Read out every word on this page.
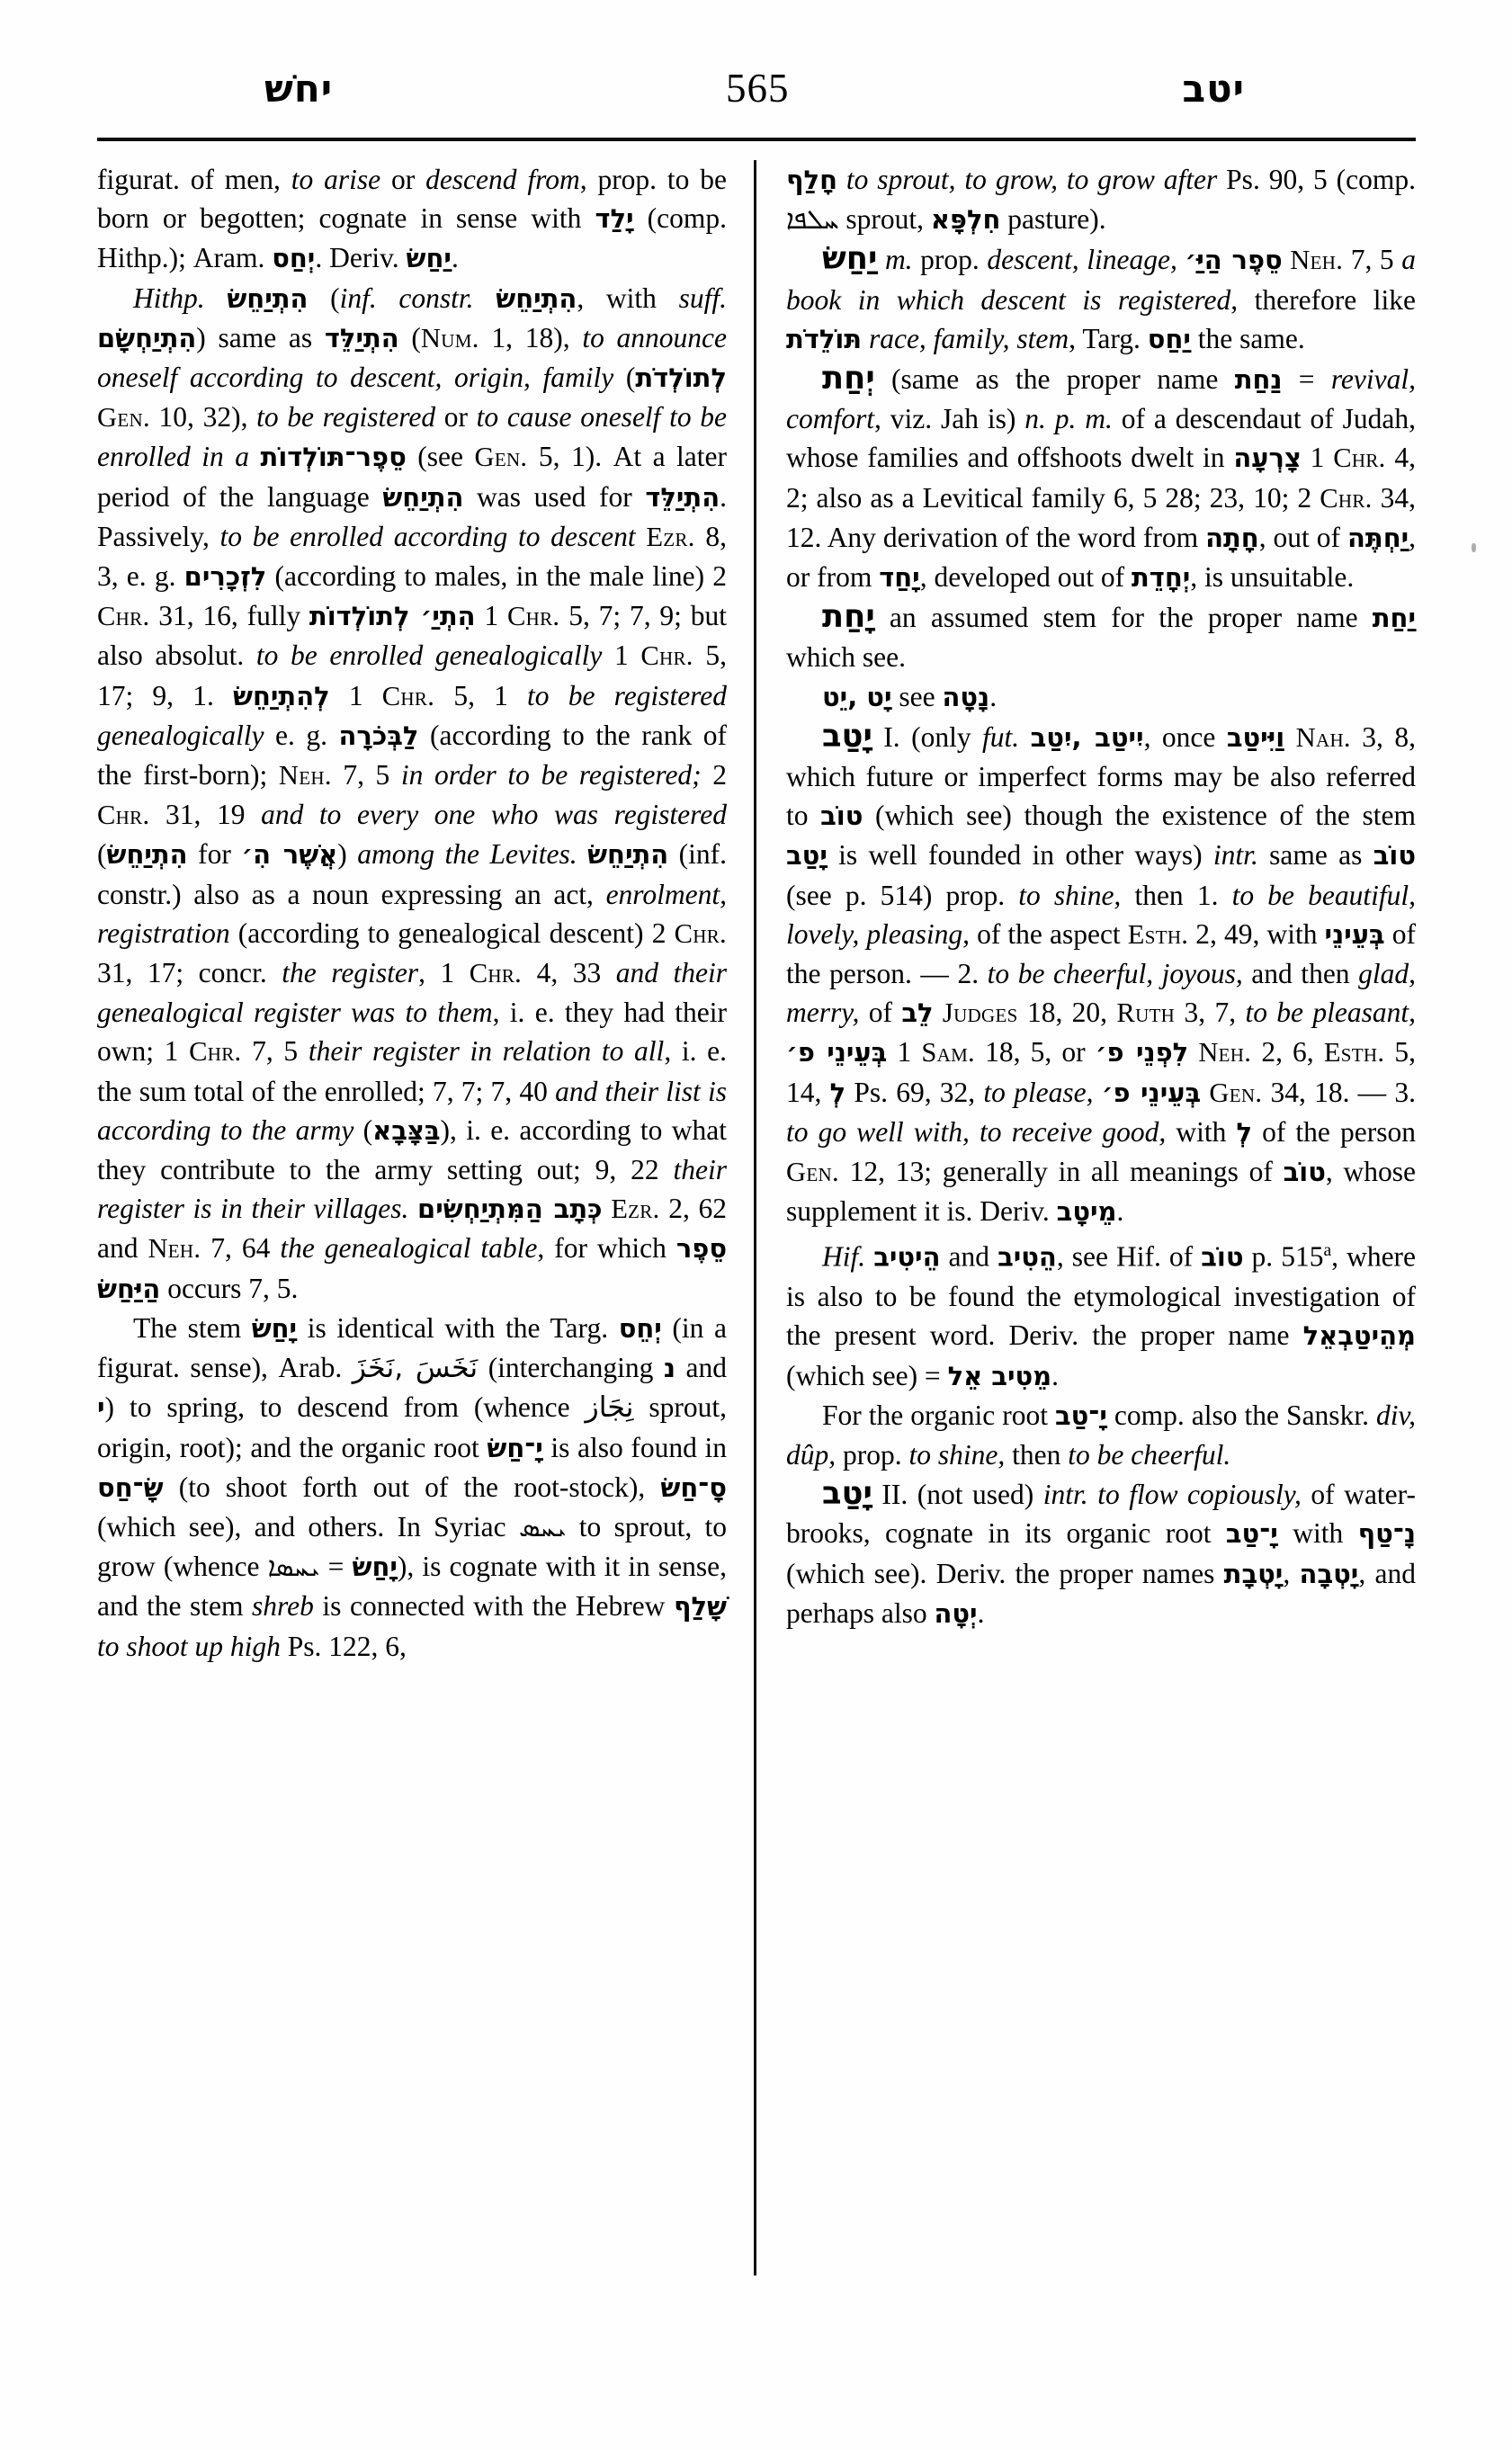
יחשׁ	565	יטב

figurat. of men, to arise or descend from, prop. to be born or begotten; cognate in sense with יָלַד (comp. Hithp.); Aram. יְחַס. Deriv. יַחַשׂ.

Hithp. הִתְיַחֵשׂ (inf. constr. הִתְיַחֵשׂ, with suff. הִתְיַחְשָׂם) same as הִתְיַלֵּד (Num. 1, 18), to announce oneself according to descent, origin, family (לְתוֹלְדֹת Gen. 10, 32), to be registered or to cause oneself to be enrolled in a סֵפֶר־תּוֹלְדוֹת (see Gen. 5, 1). At a later period of the language הִתְיַחֵשׂ was used for הִתְיַלֵּד. Passively, to be enrolled according to descent Ezr. 8, 3, e. g. לִזְכָרִים (according to males, in the male line) 2 Chr. 31, 16, fully הִתְיַ׳ לְתוֹלְדוֹת 1 Chr. 5, 7; 7, 9; but also absolut. to be enrolled genealogically 1 Chr. 5, 17; 9, 1. לְהִתְיַחֵשׂ 1 Chr. 5, 1 to be registered genealogically e. g. לַבְּכֹרָה (according to the rank of the first-born); Neh. 7, 5 in order to be registered; 2 Chr. 31, 19 and to every one who was registered (הִתְיַחֵשׂ for אֲשֶׁר הִ׳) among the Levites. הִתְיַחֵשׂ (inf. constr.) also as a noun expressing an act, enrolment, registration (according to genealogical descent) 2 Chr. 31, 17; concr. the register, 1 Chr. 4, 33 and their genealogical register was to them, i. e. they had their own; 1 Chr. 7, 5 their register in relation to all, i. e. the sum total of the enrolled; 7, 7; 7, 40 and their list is according to the army (בַּצָּבָא), i. e. according to what they contribute to the army setting out; 9, 22 their register is in their villages. כְּתָב הַמִּתְיַחְשִׂים Ezr. 2, 62 and Neh. 7, 64 the genealogical table, for which סֵפֶר הַיַּחַשׂ occurs 7, 5.

The stem יָחַשׂ is identical with the Targ. יְחֵס (in a figurat. sense), Arab. نَخَسَ ,نَخَزَ (interchanging נ and י) to spring, to descend from (whence نِجَاز sprout, origin, root); and the organic root יָ־חַשׂ is also found in שָׂ־חַס (to shoot forth out of the root-stock), סָ־חַשׂ (which see), and others. In Syriac ܝܚܣ to sprout, to grow (whence ܝܚܣܐ = יָחַשׂ), is cognate with it in sense, and the stem shreb is connected with the Hebrew שָׁלַף to shoot up high Ps. 122, 6,

חָלַף to sprout, to grow, to grow after Ps. 90, 5 (comp. ܚܠܦܐ sprout, חִלְפָּא pasture).

יַחַשׂ m. prop. descent, lineage, סֵפֶר הַיַּ׳ Neh. 7, 5 a book in which descent is registered, therefore like תּוֹלֵדֹת race, family, stem, Targ. יַחַס the same.

יְחַת (same as the proper name נַחַת = revival, comfort, viz. Jah is) n. p. m. of a descendaut of Judah, whose families and offshoots dwelt in צָרְעָה 1 Chr. 4, 2; also as a Levitical family 6, 5 28; 23, 10; 2 Chr. 34, 12. Any derivation of the word from חָתָה, out of יַחְתֶּה, or from יָחַד, developed out of יְחָדֵת, is unsuitable.

יָחַת an assumed stem for the proper name יַחַת which see.

יָט ,יֵט see נָטָה.

יָטַב I. (only fut. יִיטַב ,יִטַב, once וַיִּיטַב Nah. 3, 8, which future or imperfect forms may be also referred to טוֹב (which see) though the existence of the stem יָטַב is well founded in other ways) intr. same as טוֹב (see p. 514) prop. to shine, then 1. to be beautiful, lovely, pleasing, of the aspect Esth. 2, 49, with בְּעֵינֵי of the person. — 2. to be cheerful, joyous, and then glad, merry, of לֵב Judges 18, 20, Ruth 3, 7, to be pleasant, בְּעֵינֵי פ׳ 1 Sam. 18, 5, or לִפְנֵי פ׳ Neh. 2, 6, Esth. 5, 14, לְ Ps. 69, 32, to please, בְּעֵינֵי פ׳ Gen. 34, 18. — 3. to go well with, to receive good, with לְ of the person Gen. 12, 13; generally in all meanings of טוֹב, whose supplement it is. Deriv. מֵיטָב.

Hif. הֵיטִיב and הֵטִיב, see Hif. of טוֹב p. 515$^a$, where is also to be found the etymological investigation of the present word. Deriv. the proper name מְהֵיטַבְאֵל (which see) = מֵטִיב אֵל.

For the organic root יָ־טַב comp. also the Sanskr. div, dûp, prop. to shine, then to be cheerful.

יָטַב II. (not used) intr. to flow copiously, of water-brooks, cognate in its organic root יָ־טַב with נָ־טַף (which see). Deriv. the proper names יָטְבָת, יָטְבָה, and perhaps also יְטָה.
